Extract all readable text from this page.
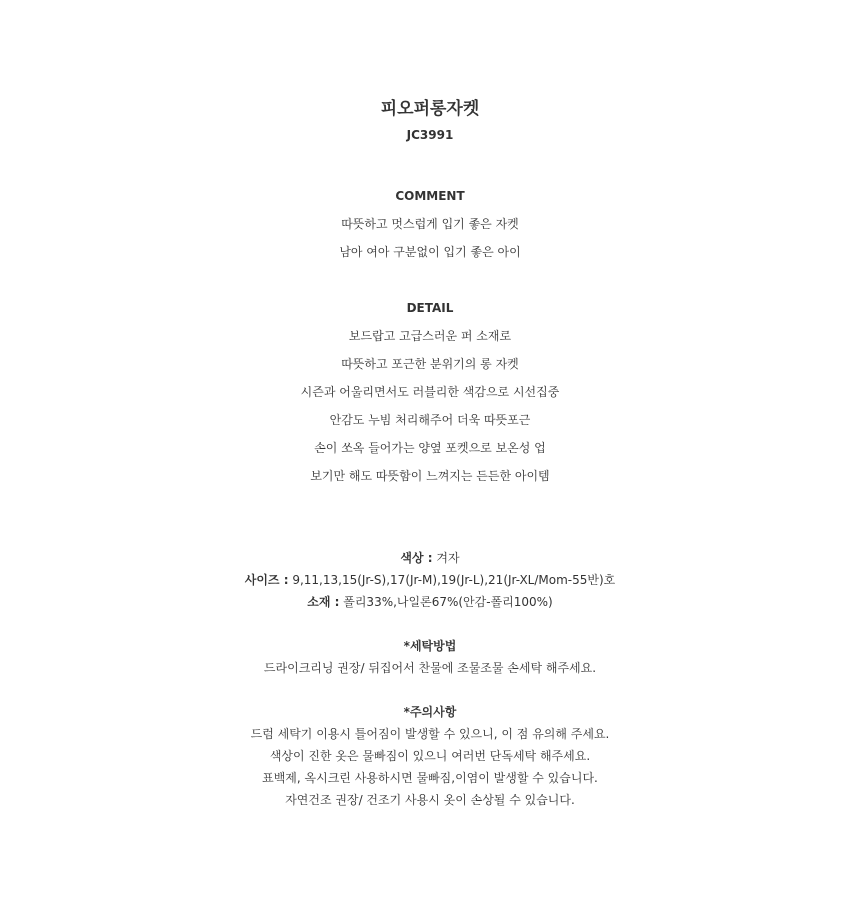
피오퍼롱자켓
JC3991
COMMENT
따뜻하고 멋스럽게 입기 좋은 자켓
남아 여아 구분없이 입기 좋은 아이
DETAIL
보드랍고 고급스러운 퍼 소재로
따뜻하고 포근한 분위기의 롱 자켓
시즌과 어울리면서도 러블리한 색감으로 시선집중
안감도 누빔 처리해주어 더욱 따뜻포근
손이 쏘옥 들어가는 양옆 포켓으로 보온성 업
보기만 해도 따뜻함이 느껴지는 든든한 아이템
색상 : 겨자
사이즈 : 9,11,13,15(Jr-S),17(Jr-M),19(Jr-L),21(Jr-XL/Mom-55반)호
소재 : 폴리33%,나일론67%(안감-폴리100%)
*세탁방법
드라이크리닝 권장/ 뒤집어서 찬물에 조물조물 손세탁 해주세요.
*주의사항
드럼 세탁기 이용시 틀어짐이 발생할 수 있으니, 이 점 유의해 주세요.
색상이 진한 옷은 물빠짐이 있으니 여러번 단독세탁 해주세요.
표백제, 옥시크린 사용하시면 물빠짐,이염이 발생할 수 있습니다.
자연건조 권장/ 건조기 사용시 옷이 손상될 수 있습니다.
